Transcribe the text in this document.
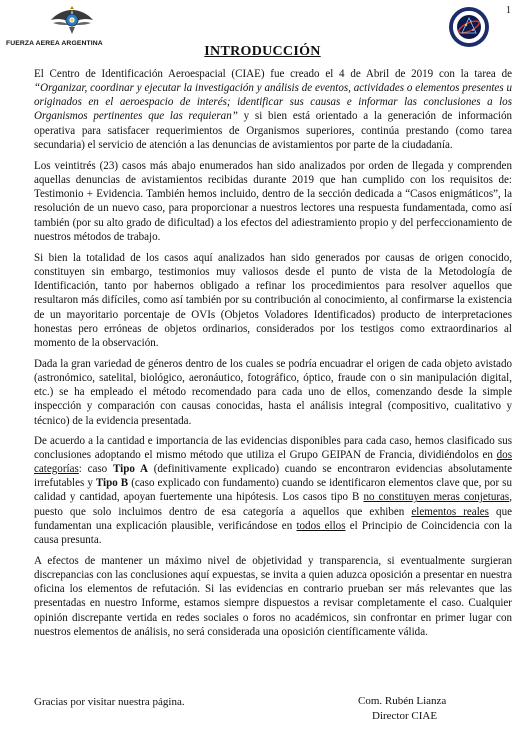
FUERZA AEREA ARGENTINA
1
INTRODUCCIÓN

El Centro de Identificación Aeroespacial (CIAE) fue creado el 4 de Abril de 2019 con la tarea de “Organizar, coordinar y ejecutar la investigación y análisis de eventos, actividades o elementos presentes u originados en el aeroespacio de interés; identificar sus causas e informar las conclusiones a los Organismos pertinentes que las requieran” y si bien está orientado a la generación de información operativa para satisfacer requerimientos de Organismos superiores, continúa prestando (como tarea secundaria) el servicio de atención a las denuncias de avistamientos por parte de la ciudadanía.

Los veintitrés (23) casos más abajo enumerados han sido analizados por orden de llegada y comprenden aquellas denuncias de avistamientos recibidas durante 2019 que han cumplido con los requisitos de: Testimonio + Evidencia. También hemos incluido, dentro de la sección dedicada a “Casos enigmáticos”, la resolución de un nuevo caso, para proporcionar a nuestros lectores una respuesta fundamentada, como así también (por su alto grado de dificultad) a los efectos del adiestramiento propio y del perfeccionamiento de nuestros métodos de trabajo.

Si bien la totalidad de los casos aquí analizados han sido generados por causas de origen conocido, constituyen sin embargo, testimonios muy valiosos desde el punto de vista de la Metodología de Identificación, tanto por habernos obligado a refinar los procedimientos para resolver aquellos que resultaron más difíciles, como así también por su contribución al conocimiento, al confirmarse la existencia de un mayoritario porcentaje de OVIs (Objetos Voladores Identificados) producto de interpretaciones honestas pero erróneas de objetos ordinarios, considerados por los testigos como extraordinarios al momento de la observación.

Dada la gran variedad de géneros dentro de los cuales se podría encuadrar el origen de cada objeto avistado (astronómico, satelital, biológico, aeronáutico, fotográfico, óptico, fraude con o sin manipulación digital, etc.) se ha empleado el método recomendado para cada uno de ellos, comenzando desde la simple inspección y comparación con causas conocidas, hasta el análisis integral (compositivo, cualitativo y técnico) de la evidencia presentada.

De acuerdo a la cantidad e importancia de las evidencias disponibles para cada caso, hemos clasificado sus conclusiones adoptando el mismo método que utiliza el Grupo GEIPAN de Francia, dividiéndolos en dos categorías: caso Tipo A (definitivamente explicado) cuando se encontraron evidencias absolutamente irrefutables y Tipo B (caso explicado con fundamento) cuando se identificaron elementos clave que, por su calidad y cantidad, apoyan fuertemente una hipótesis. Los casos tipo B no constituyen meras conjeturas, puesto que solo incluimos dentro de esa categoría a aquellos que exhiben elementos reales que fundamentan una explicación plausible, verificándose en todos ellos el Principio de Coincidencia con la causa presunta.

A efectos de mantener un máximo nivel de objetividad y transparencia, si eventualmente surgieran discrepancias con las conclusiones aquí expuestas, se invita a quien aduzca oposición a presentar en nuestra oficina los elementos de refutación. Si las evidencias en contrario prueban ser más relevantes que las presentadas en nuestro Informe, estamos siempre dispuestos a revisar completamente el caso. Cualquier opinión discrepante vertida en redes sociales o foros no académicos, sin confrontar en primer lugar con nuestros elementos de análisis, no será considerada una oposición científicamente válida.

Gracias por visitar nuestra página.	Com. Rubén Lianza
Director CIAE
